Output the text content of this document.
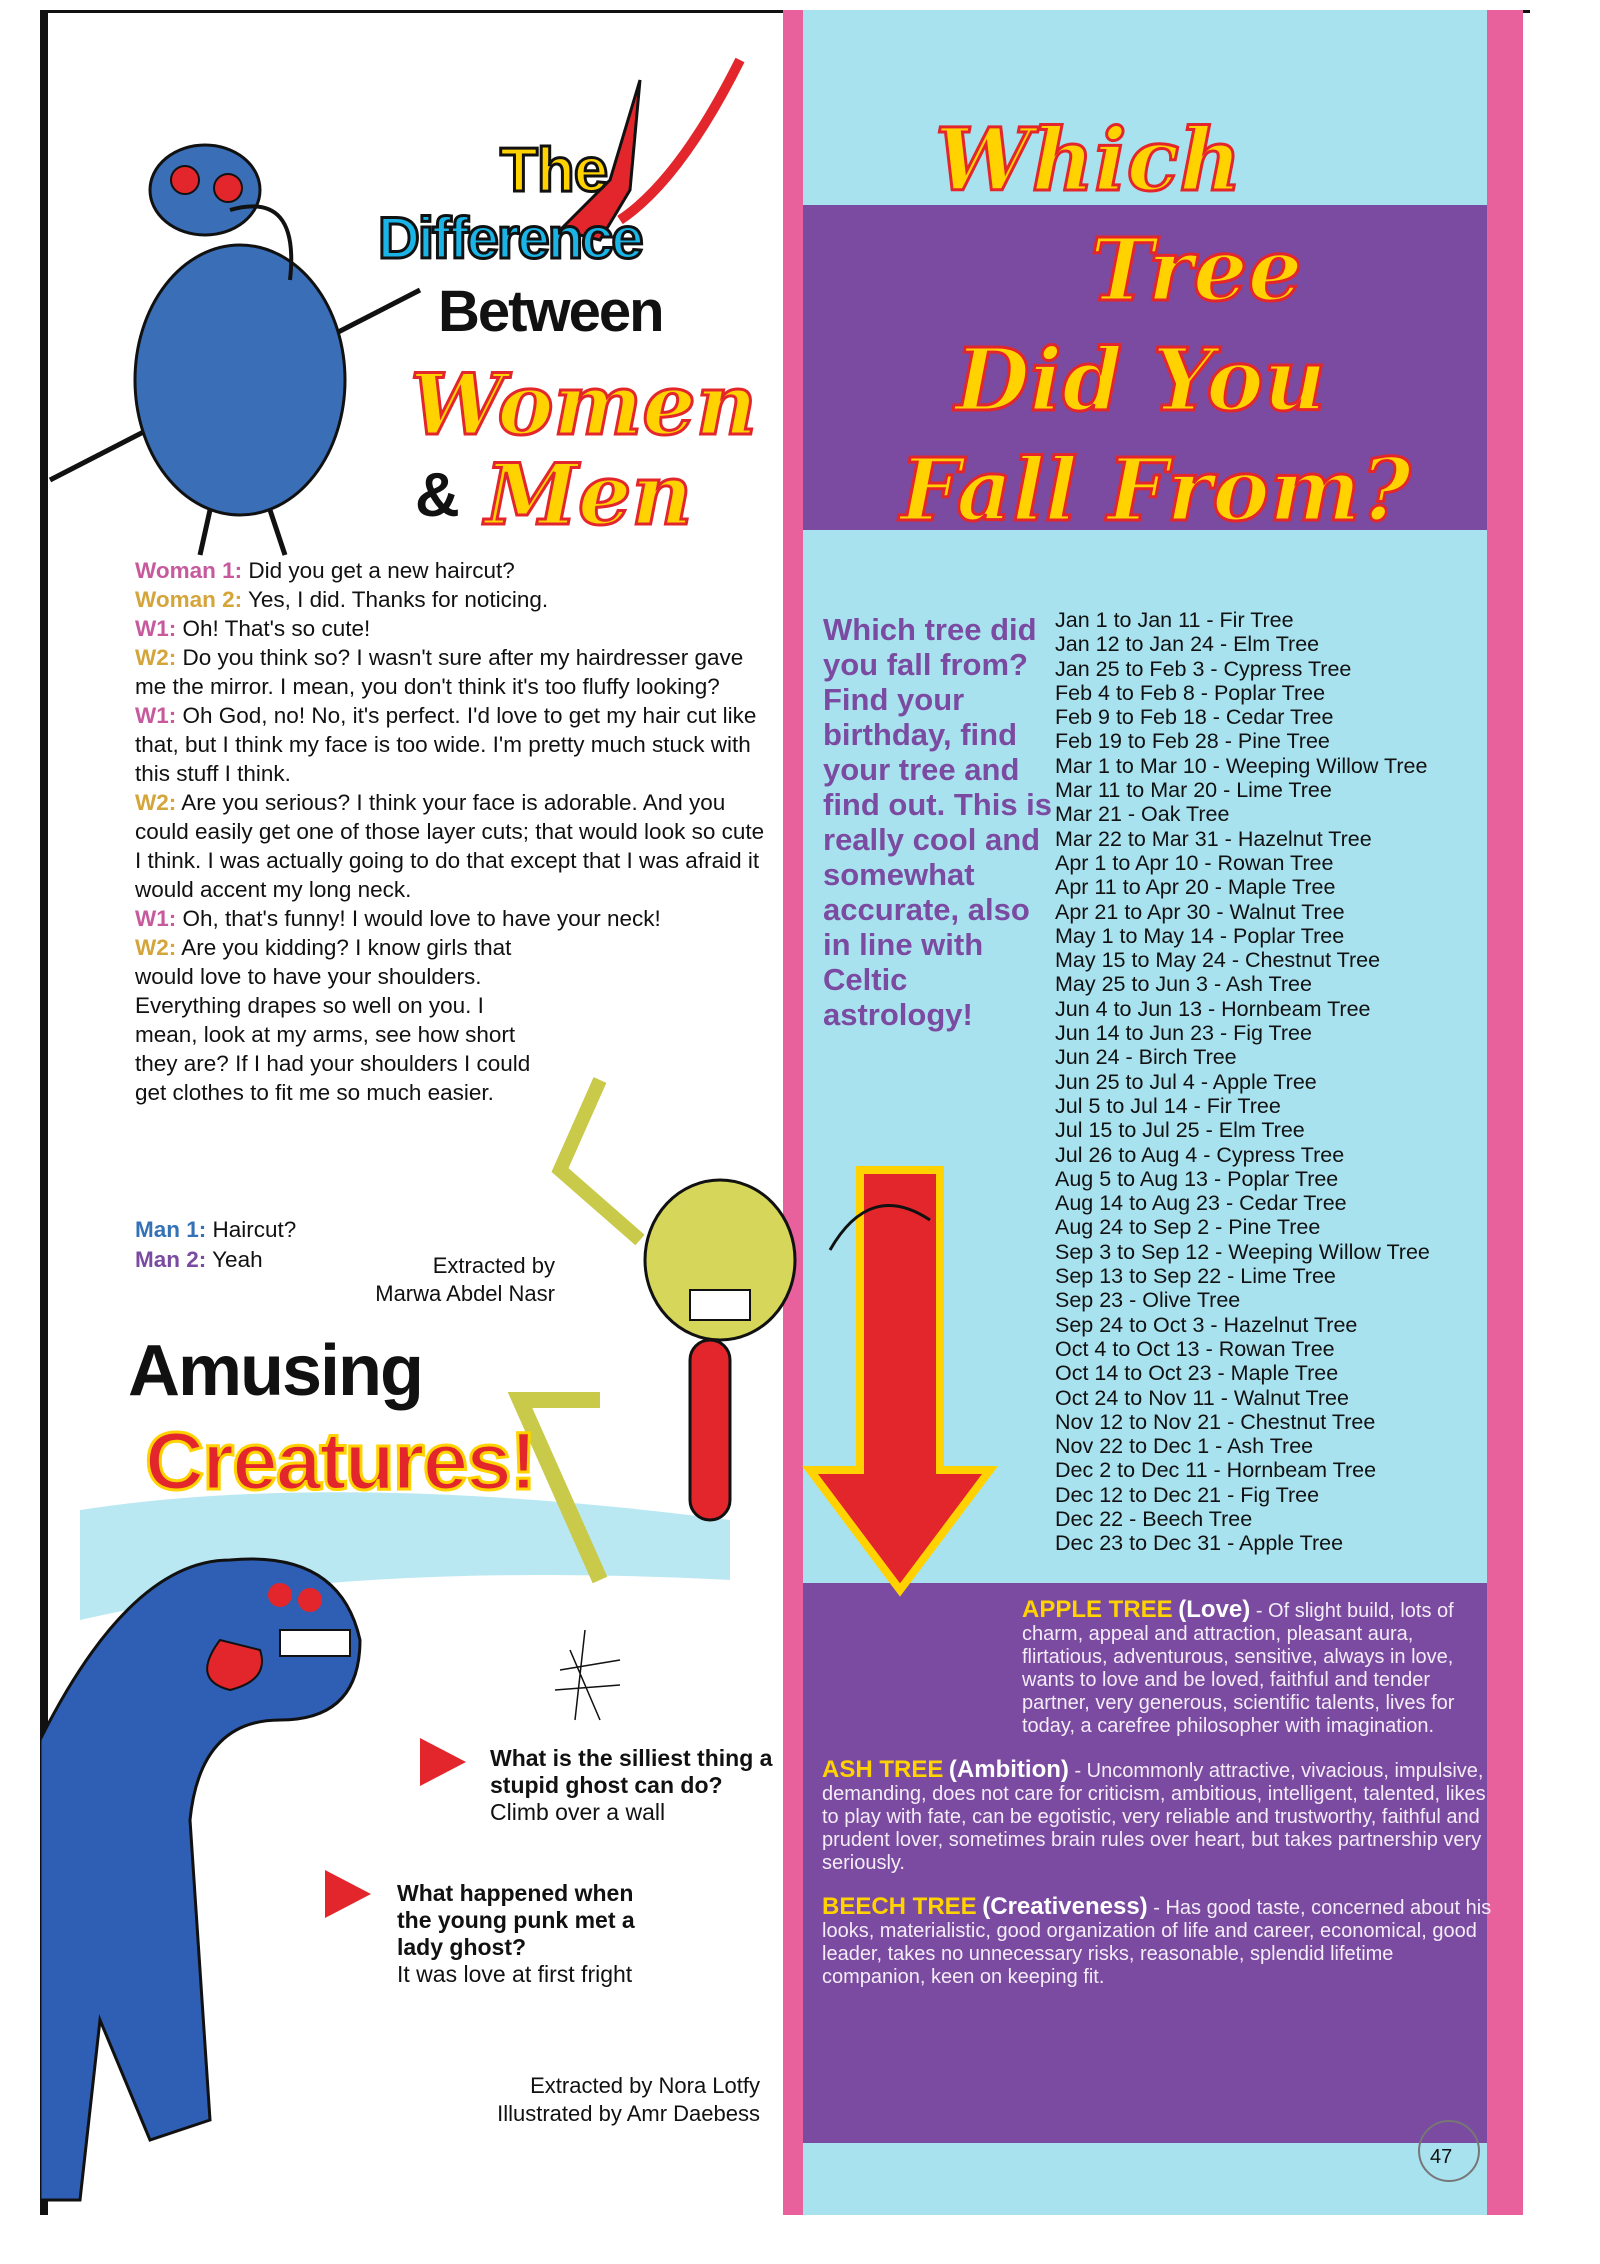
The
Difference
Between
Women
& Men

Woman 1: Did you get a new haircut?

Woman 2: Yes, I did. Thanks for noticing.

W1: Oh! That's so cute!

W2: Do you think so? I wasn't sure after my hairdresser gave me the mirror. I mean, you don't think it's too fluffy looking?

W1: Oh God, no! No, it's perfect. I'd love to get my hair cut like that, but I think my face is too wide. I'm pretty much stuck with this stuff I think.

W2: Are you serious? I think your face is adorable. And you could easily get one of those layer cuts; that would look so cute I think. I was actually going to do that except that I was afraid it would accent my long neck.

W1: Oh, that's funny! I would love to have your neck!

W2: Are you kidding? I know girls that would love to have your shoulders. Everything drapes so well on you. I mean, look at my arms, see how short they are? If I had your shoulders I could get clothes to fit me so much easier.

Man 1: Haircut?
Man 2: Yeah	Extracted by
Marwa Abdel Nasr
Amusing
Creatures!
What is the silliest thing a stupid ghost can do?
Climb over a wall
What happened when the young punk met a lady ghost?
It was love at first fright
Extracted by Nora Lotfy
Illustrated by Amr Daebess
Which
Tree
Did You
Fall From?
Which tree did you fall from? Find your birthday, find your tree and find out. This is really cool and somewhat accurate, also in line with Celtic astrology!
Jan 1 to Jan 11 - Fir Tree
Jan 12 to Jan 24 - Elm Tree
Jan 25 to Feb 3 - Cypress Tree
Feb 4 to Feb 8 - Poplar Tree
Feb 9 to Feb 18 - Cedar Tree
Feb 19 to Feb 28 - Pine Tree
Mar 1 to Mar 10 - Weeping Willow Tree
Mar 11 to Mar 20 - Lime Tree
Mar 21 - Oak Tree
Mar 22 to Mar 31 - Hazelnut Tree
Apr 1 to Apr 10 - Rowan Tree
Apr 11 to Apr 20 - Maple Tree
Apr 21 to Apr 30 - Walnut Tree
May 1 to May 14 - Poplar Tree
May 15 to May 24 - Chestnut Tree
May 25 to Jun 3 - Ash Tree
Jun 4 to Jun 13 - Hornbeam Tree
Jun 14 to Jun 23 - Fig Tree
Jun 24 - Birch Tree
Jun 25 to Jul 4 - Apple Tree
Jul 5 to Jul 14 - Fir Tree
Jul 15 to Jul 25 - Elm Tree
Jul 26 to Aug 4 - Cypress Tree
Aug 5 to Aug 13 - Poplar Tree
Aug 14 to Aug 23 - Cedar Tree
Aug 24 to Sep 2 - Pine Tree
Sep 3 to Sep 12 - Weeping Willow Tree
Sep 13 to Sep 22 - Lime Tree
Sep 23 - Olive Tree
Sep 24 to Oct 3 - Hazelnut Tree
Oct 4 to Oct 13 - Rowan Tree
Oct 14 to Oct 23 - Maple Tree
Oct 24 to Nov 11 - Walnut Tree
Nov 12 to Nov 21 - Chestnut Tree
Nov 22 to Dec 1 - Ash Tree
Dec 2 to Dec 11 - Hornbeam Tree
Dec 12 to Dec 21 - Fig Tree
Dec 22 - Beech Tree
Dec 23 to Dec 31 - Apple Tree
APPLE TREE (Love) - Of slight build, lots of charm, appeal and attraction, pleasant aura, flirtatious, adventurous, sensitive, always in love, wants to love and be loved, faithful and tender partner, very generous, scientific talents, lives for today, a carefree philosopher with imagination.
ASH TREE (Ambition) - Uncommonly attractive, vivacious, impulsive, demanding, does not care for criticism, ambitious, intelligent, talented, likes to play with fate, can be egotistic, very reliable and trustworthy, faithful and prudent lover, sometimes brain rules over heart, but takes partnership very seriously.
BEECH TREE (Creativeness) - Has good taste, concerned about his looks, materialistic, good organization of life and career, economical, good leader, takes no unnecessary risks, reasonable, splendid lifetime companion, keen on keeping fit.
47
